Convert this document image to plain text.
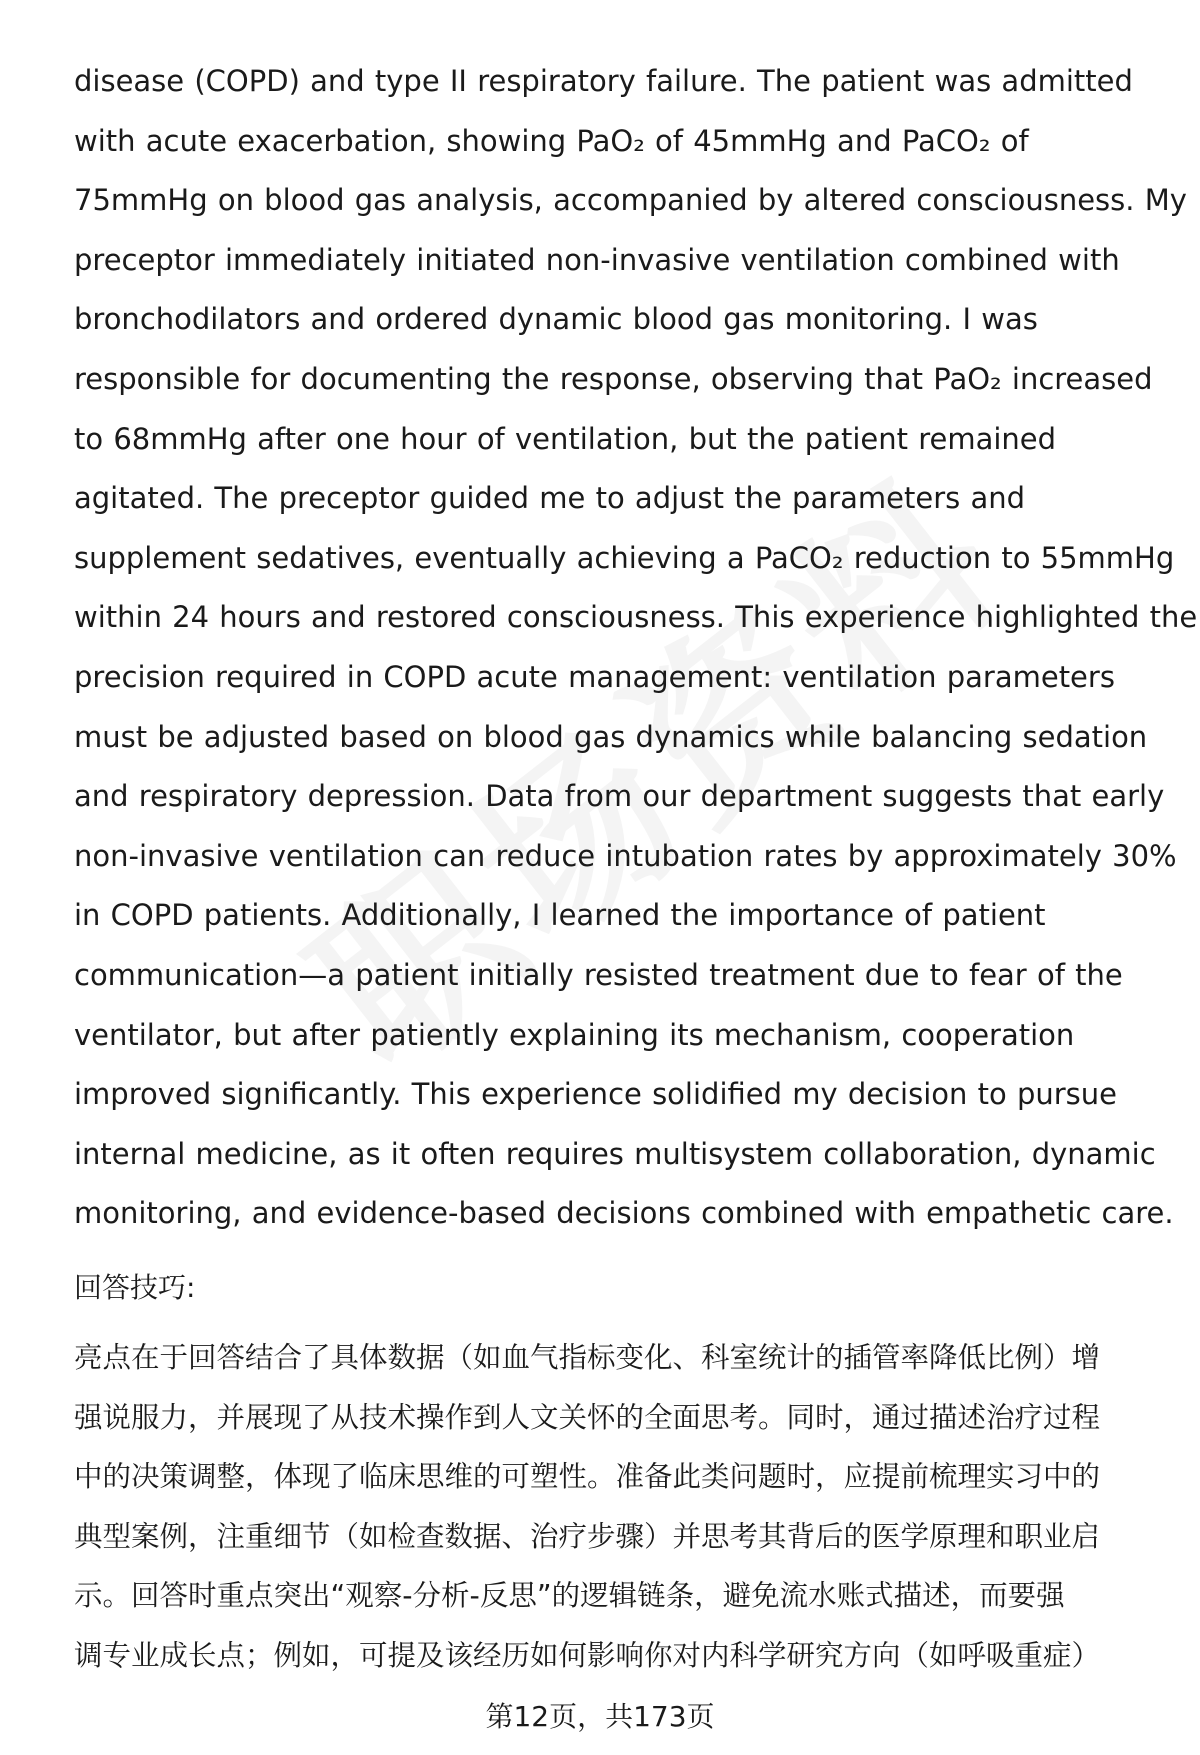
disease (COPD) and type II respiratory failure. The patient was admitted
with acute exacerbation, showing PaO₂ of 45mmHg and PaCO₂ of
75mmHg on blood gas analysis, accompanied by altered consciousness. My
preceptor immediately initiated non-invasive ventilation combined with
bronchodilators and ordered dynamic blood gas monitoring. I was
responsible for documenting the response, observing that PaO₂ increased
to 68mmHg after one hour of ventilation, but the patient remained
agitated. The preceptor guided me to adjust the parameters and
supplement sedatives, eventually achieving a PaCO₂ reduction to 55mmHg
within 24 hours and restored consciousness. This experience highlighted the
precision required in COPD acute management: ventilation parameters
must be adjusted based on blood gas dynamics while balancing sedation
and respiratory depression. Data from our department suggests that early
non-invasive ventilation can reduce intubation rates by approximately 30%
in COPD patients. Additionally, I learned the importance of patient
communication—a patient initially resisted treatment due to fear of the
ventilator, but after patiently explaining its mechanism, cooperation
improved significantly. This experience solidified my decision to pursue
internal medicine, as it often requires multisystem collaboration, dynamic
monitoring, and evidence-based decisions combined with empathetic care.
回答技巧:
亮点在于回答结合了具体数据（如血气指标变化、科室统计的插管率降低比例）增
强说服力，并展现了从技术操作到人文关怀的全面思考。同时，通过描述治疗过程
中的决策调整，体现了临床思维的可塑性。准备此类问题时，应提前梳理实习中的
典型案例，注重细节（如检查数据、治疗步骤）并思考其背后的医学原理和职业启
示。回答时重点突出“观察-分析-反思”的逻辑链条，避免流水账式描述，而要强
调专业成长点；例如，可提及该经历如何影响你对内科学研究方向（如呼吸重症）
第12页，共173页
